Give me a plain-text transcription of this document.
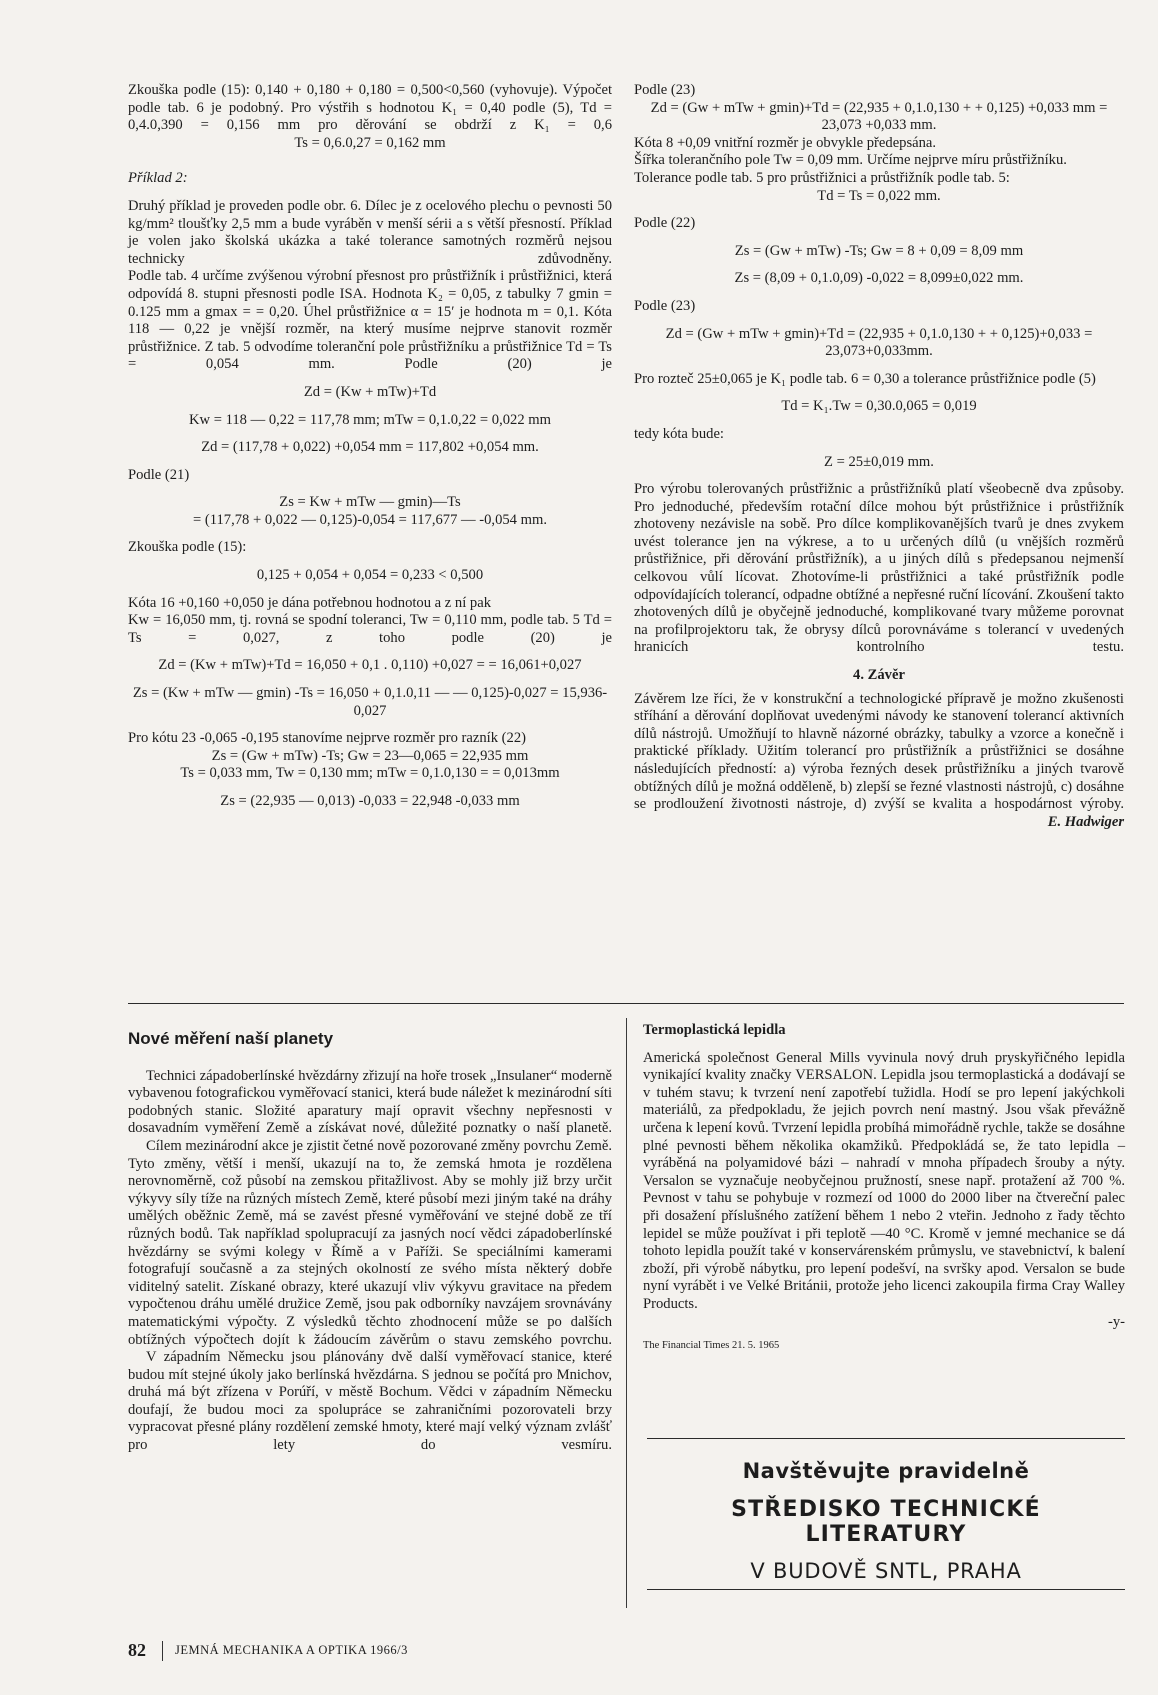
Zkouška podle (15): 0,140 + 0,180 + 0,180 = 0,500<0,560 (vyhovuje). Výpočet podle tab. 6 je podobný. Pro výstřih s hodnotou K₁ = 0,40 podle (5), Td = 0,4.0,390 = 0,156 mm pro děrování se obdrží z K₁ = 0,6

Ts = 0,6.0,27 = 0,162 mm

Příklad 2:

Druhý příklad je proveden podle obr. 6. Dílec je z ocelového plechu o pevnosti 50 kg/mm² tloušťky 2,5 mm a bude vyráběn v menší sérii a s větší přesností. Příklad je volen jako školská ukázka a také tolerance samotných rozměrů nejsou technicky zdůvodněny.

Podle tab. 4 určíme zvýšenou výrobní přesnost pro průstřižník i průstřižnici, která odpovídá 8. stupni přesnosti podle ISA. Hodnota K₂ = 0,05, z tabulky 7 gmin = 0.125 mm a gmax = = 0,20. Úhel průstřižnice α = 15′ je hodnota m = 0,1. Kóta 118 — 0,22 je vnější rozměr, na který musíme nejprve stanovit rozměr průstřižnice. Z tab. 5 odvodíme toleranční pole průstřižníku a průstřižnice Td = Ts = 0,054 mm. Podle (20) je

Zd = (Kw + mTw)+Td

Kw = 118 — 0,22 = 117,78 mm; mTw = 0,1.0,22 = 0,022 mm

Zd = (117,78 + 0,022) +0,054 mm = 117,802 +0,054 mm.

Podle (21)

Zs = Kw + mTw — gmin)—Ts

= (117,78 + 0,022 — 0,125)-0,054 = 117,677 — -0,054 mm.

Zkouška podle (15):

0,125 + 0,054 + 0,054 = 0,233 < 0,500

Kóta 16 +0,160 +0,050 je dána potřebnou hodnotou a z ní pak

Kw = 16,050 mm, tj. rovná se spodní toleranci, Tw = 0,110 mm, podle tab. 5 Td = Ts = 0,027, z toho podle (20) je

Zd = (Kw + mTw)+Td = 16,050 + 0,1 . 0,110) +0,027 = = 16,061+0,027

Zs = (Kw + mTw — gmin) -Ts = 16,050 + 0,1.0,11 — — 0,125)-0,027 = 15,936-0,027

Pro kótu 23 -0,065 -0,195 stanovíme nejprve rozměr pro razník (22)

Zs = (Gw + mTw) -Ts; Gw = 23—0,065 = 22,935 mm

Ts = 0,033 mm, Tw = 0,130 mm; mTw = 0,1.0,130 = = 0,013mm

Zs = (22,935 — 0,013) -0,033 = 22,948 -0,033 mm

Podle (23)

Zd = (Gw + mTw + gmin)+Td = (22,935 + 0,1.0,130 + + 0,125) +0,033 mm = 23,073 +0,033 mm.

Kóta 8 +0,09 vnitřní rozměr je obvykle předepsána.

Šířka tolerančního pole Tw = 0,09 mm. Určíme nejprve míru průstřižníku. Tolerance podle tab. 5 pro průstřižnici a průstřižník podle tab. 5:

Td = Ts = 0,022 mm.

Podle (22)

Zs = (Gw + mTw) -Ts; Gw = 8 + 0,09 = 8,09 mm

Zs = (8,09 + 0,1.0,09) -0,022 = 8,099±0,022 mm.

Podle (23)

Zd = (Gw + mTw + gmin)+Td = (22,935 + 0,1.0,130 + + 0,125)+0,033 = 23,073+0,033mm.

Pro rozteč 25±0,065 je K₁ podle tab. 6 = 0,30 a tolerance průstřižnice podle (5)

Td = K₁.Tw = 0,30.0,065 = 0,019

tedy kóta bude:

Z = 25±0,019 mm.

Pro výrobu tolerovaných průstřižnic a průstřižníků platí všeobecně dva způsoby. Pro jednoduché, především rotační dílce mohou být průstřižnice i průstřižník zhotoveny nezávisle na sobě. Pro dílce komplikovanějších tvarů je dnes zvykem uvést tolerance jen na výkrese, a to u určených dílů (u vnějších rozměrů průstřižnice, při děrování průstřižník), a u jiných dílů s předepsanou nejmenší celkovou vůlí lícovat. Zhotovíme-li průstřižnici a také průstřižník podle odpovídajících tolerancí, odpadne obtížné a nepřesné ruční lícování. Zkoušení takto zhotovených dílů je obyčejně jednoduché, komplikované tvary můžeme porovnat na profilprojektoru tak, že obrysy dílců porovnáváme s tolerancí v uvedených hranicích kontrolního testu.

4. Závěr

Závěrem lze říci, že v konstrukční a technologické přípravě je možno zkušenosti stříhání a děrování doplňovat uvedenými návody ke stanovení tolerancí aktivních dílů nástrojů. Umožňují to hlavně názorné obrázky, tabulky a vzorce a konečně i praktické příklady. Užitím tolerancí pro průstřižník a průstřižnici se dosáhne následujících předností: a) výroba řezných desek průstřižníku a jiných tvarově obtížných dílů je možná odděleně, b) zlepší se řezné vlastnosti nástrojů, c) dosáhne se prodloužení životnosti nástroje, d) zvýší se kvalita a hospodárnost výroby.

E. Hadwiger
Nové měření naší planety

Technici západoberlínské hvězdárny zřizují na hoře trosek „Insulaner“ moderně vybavenou fotografickou vyměřovací stanici, která bude náležet k mezinárodní síti podobných stanic. Složité aparatury mají opravit všechny nepřesnosti v dosavadním vyměření Země a získávat nové, důležité poznatky o naší planetě.

Cílem mezinárodní akce je zjistit četné nově pozorované změny povrchu Země. Tyto změny, větší i menší, ukazují na to, že zemská hmota je rozdělena nerovnoměrně, což působí na zemskou přitažlivost. Aby se mohly již brzy určit výkyvy síly tíže na různých místech Země, které působí mezi jiným také na dráhy umělých oběžnic Země, má se zavést přesné vyměřování ve stejné době ze tří různých bodů. Tak například spolupracují za jasných nocí vědci západoberlínské hvězdárny se svými kolegy v Římě a v Paříži. Se speciálními kamerami fotografují současně a za stejných okolností ze svého místa některý dobře viditelný satelit. Získané obrazy, které ukazují vliv výkyvu gravitace na předem vypočtenou dráhu umělé družice Země, jsou pak odborníky navzájem srovnávány matematickými výpočty. Z výsledků těchto zhodnocení může se po dalších obtížných výpočtech dojít k žádoucím závěrům o stavu zemského povrchu.

V západním Německu jsou plánovány dvě další vyměřovací stanice, které budou mít stejné úkoly jako berlínská hvězdárna. S jednou se počítá pro Mnichov, druhá má být zřízena v Porúří, v městě Bochum. Vědci v západním Německu doufají, že budou moci za spolupráce se zahraničními pozorovateli brzy vypracovat přesné plány rozdělení zemské hmoty, které mají velký význam zvlášť pro lety do vesmíru.

Termoplastická lepidla

Americká společnost General Mills vyvinula nový druh pryskyřičného lepidla vynikající kvality značky VERSALON. Lepidla jsou termoplastická a dodávají se v tuhém stavu; k tvrzení není zapotřebí tužidla. Hodí se pro lepení jakýchkoli materiálů, za předpokladu, že jejich povrch není mastný. Jsou však převážně určena k lepení kovů. Tvrzení lepidla probíhá mimořádně rychle, takže se dosáhne plné pevnosti během několika okamžiků. Předpokládá se, že tato lepidla – vyráběná na polyamidové bázi – nahradí v mnoha případech šrouby a nýty. Versalon se vyznačuje neobyčejnou pružností, snese např. protažení až 700 %. Pevnost v tahu se pohybuje v rozmezí od 1000 do 2000 liber na čtvereční palec při dosažení příslušného zatížení během 1 nebo 2 vteřin. Jednoho z řady těchto lepidel se může používat i při teplotě —40 °C. Kromě v jemné mechanice se dá tohoto lepidla použít také v konservárenském průmyslu, ve stavebnictví, k balení zboží, při výrobě nábytku, pro lepení podešví, na svršky apod. Versalon se bude nyní vyrábět i ve Velké Británii, protože jeho licenci zakoupila firma Cray Walley Products.

-y-
The Financial Times 21. 5. 1965
Navštěvujte pravidelně
STŘEDISKO TECHNICKÉ LITERATURY
V BUDOVĚ SNTL, PRAHA
82 JEMNÁ MECHANIKA A OPTIKA 1966/3
